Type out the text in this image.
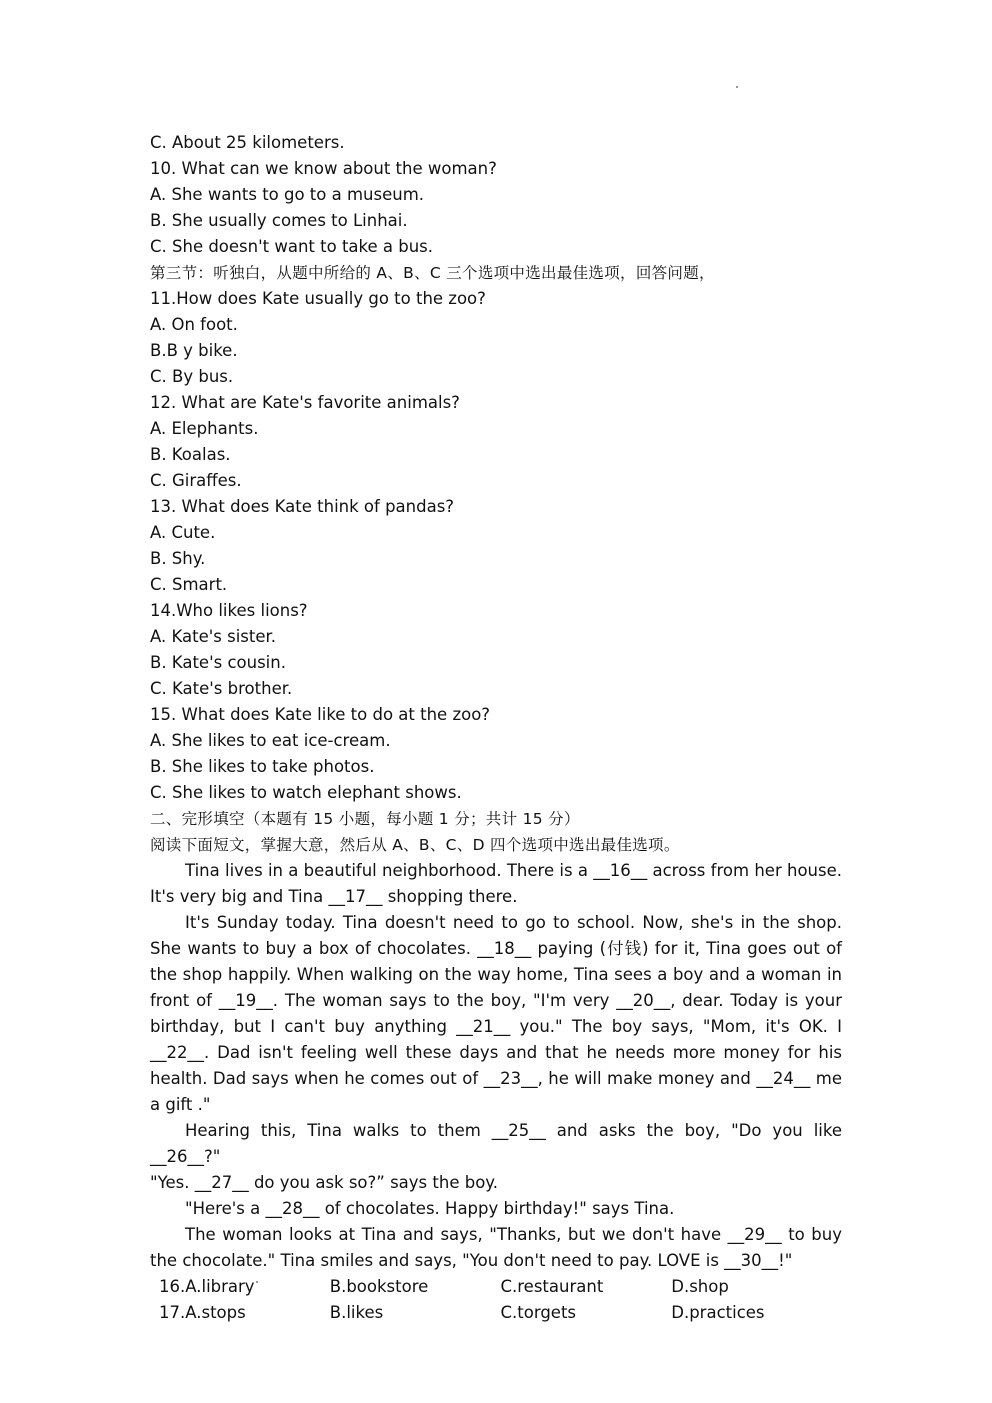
C. About 25 kilometers.
10. What can we know about the woman?
A. She wants to go to a museum.
B. She usually comes to Linhai.
C. She doesn't want to take a bus.
第三节：听独白，从题中所给的 A、B、C 三个选项中选出最佳选项，回答问题，
11.How does Kate usually go to the zoo?
A. On foot.
B.B y bike.
C. By bus.
12. What are Kate's favorite animals?
A. Elephants.
B. Koalas.
C. Giraffes.
13. What does Kate think of pandas?
A. Cute.
B. Shy.
C. Smart.
14.Who likes lions?
A. Kate's sister.
B. Kate's cousin.
C. Kate's brother.
15. What does Kate like to do at the zoo?
A. She likes to eat ice-cream.
B. She likes to take photos.
C. She likes to watch elephant shows.
二、完形填空（本题有 15 小题，每小题 1 分；共计 15 分）
阅读下面短文，掌握大意，然后从 A、B、C、D 四个选项中选出最佳选项。

Tina lives in a beautiful neighborhood. There is a __16__ across from her house. It's very big and Tina __17__ shopping there.

It's Sunday today. Tina doesn't need to go to school. Now, she's in the shop. She wants to buy a box of chocolates. __18__ paying (付钱) for it, Tina goes out of the shop happily. When walking on the way home, Tina sees a boy and a woman in front of __19__. The woman says to the boy, "I'm very __20__, dear. Today is your birthday, but I can't buy anything __21__ you." The boy says, "Mom, it's OK. I __22__. Dad isn't feeling well these days and that he needs more money for his health. Dad says when he comes out of __23__, he will make money and __24__ me a gift ."

Hearing this, Tina walks to them __25__ and asks the boy, "Do you like __26__?"

"Yes. __27__ do you ask so?” says the boy.

"Here's a __28__ of chocolates. Happy birthday!" says Tina.

The woman looks at Tina and says, "Thanks, but we don't have __29__ to buy the chocolate." Tina smiles and says, "You don't need to pay. LOVE is __30__!"

16.A.library	B.bookstore	C.restaurant	D.shop
17.A.stops	B.likes	C.torgets	D.practices
